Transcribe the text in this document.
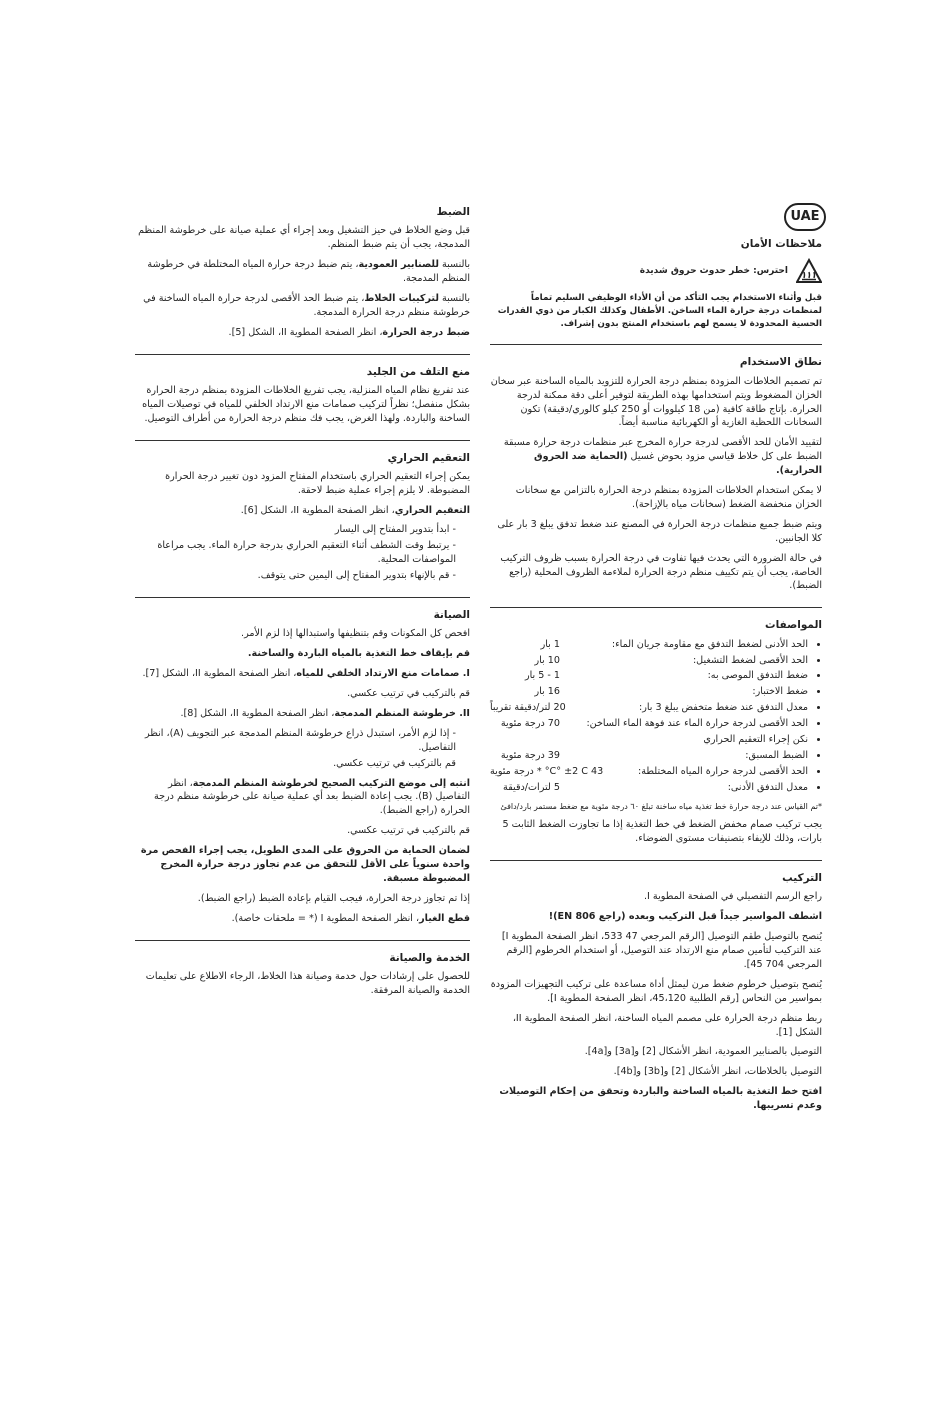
UAE
ملاحظات الأمان
احترس: خطر حدوث حروق شديدة

قبل وأثناء الاستخدام يجب التأكد من أن الأداء الوظيفي السليم تماماً لمنظمات درجة حرارة الماء الساخن. الأطفال وكذلك الكبار من ذوي القدرات الحسية المحدودة لا يسمح لهم باستخدام المنتج بدون إشراف.

نطاق الاستخدام

تم تصميم الخلاطات المزودة بمنظم درجة الحرارة للتزويد بالمياه الساخنة عبر سخان الخزان المضغوط ويتم استخدامها بهذه الطريقة لتوفير أعلى دقة ممكنة لدرجة الحرارة. بإتاج طاقة كافية (من 18 كيلووات أو 250 كيلو كالوري/دقيقة) تكون السخانات اللحظية الغازية أو الكهربائية مناسبة أيضاً.

لتقييد الأمان للحد الأقصى لدرجة حرارة المخرج عبر منظمات درجة حرارة مسبقة الضبط على كل خلاط قياسي مزود بحوض غسيل (الحماية ضد الحروق الحرارية).

لا يمكن استخدام الخلاطات المزودة بمنظم درجة الحرارة بالتزامن مع سخانات الخزان منخفضة الضغط (سخانات مياه بالإزاحة).

ويتم ضبط جميع منظمات درجة الحرارة في المصنع عند ضغط تدفق يبلغ 3 بار على كلا الجانبين.

في حالة الضرورة التي يحدث فيها تفاوت في درجة الحرارة بسبب ظروف التركيب الخاصة، يجب أن يتم تكييف منظم درجة الحرارة لملاءمة الظروف المحلية (راجع الضبط).

المواصفات
• الحد الأدنى لضغط التدفق مع مقاومة جريان الماء:
1 بار
• الحد الأقصى لضغط التشغيل:
10 بار
• ضغط التدفق الموصى به:
1 - 5 بار
• ضغط الاختبار:
16 بار
• معدل التدفق عند ضغط متخفض يبلغ 3 بار:
20 لتر/دقيقة تقريباً
• الحد الأقصى لدرجة حرارة الماء عند فوهة الماء الساخن:
70 درجة مئوية
• نكن إجراء التعقيم الحراري
• الضبط المسبق:
39 درجة مئوية
• الحد الأقصى لدرجة حرارة المياه المختلطة:
43 C° ±2 C° * درجة مئوية
• معدل التدفق الأدنى:
5 لترات/دقيقة

*تم القياس عند درجة حرارة خط تغذية مياه ساخنة تبلغ ٦٠ درجة مئوية مع ضغط مستمر بارد/دافئ

يجب تركيب صمام مخفض الضغط في خط التغذية إذا ما تجاوزت الضغط الثابت 5 بارات، وذلك للإيفاء بتصنيفات مستوى الضوضاء.

التركيب

راجع الرسم التفصيلي في الصفحة المطوية I.

اشطف المواسير جيداً قبل التركيب وبعده (راجع EN 806)!

يُنصح بالتوصيل طقم التوصيل [الرقم المرجعي 47 533، انظر الصفحة المطوية I] عند التركيب لتأمين صمام منع الارتداد عند التوصيل، أو استخدام الخرطوم [الرقم المرجعي 704 45].

يُنصح بتوصيل خرطوم ضغط مرن ليمثل أداة مساعدة على تركيب التجهيزات المزودة بمواسير من النحاس [رقم الطلبية 45،120، انظر الصفحة المطوية I].

ربط منظم درجة الحرارة على مصمم المياه الساخنة، انظر الصفحة المطوية II، الشكل [1].

التوصيل بالصنابير العمودية، انظر الأشكال [2] و[3a] و[4a].

التوصيل بالخلاطات، انظر الأشكال [2] و[3b] و[4b].

افتح خط التغذية بالمياه الساخنة والباردة وتحقق من إحكام التوصيلات وعدم تسريبها.

الضبط

قبل وضع الخلاط في حيز التشغيل وبعد إجراء أي عملية صيانة على خرطوشة المنظم المدمجة، يجب أن يتم ضبط المنظم.

بالنسبة للصنابير العمودية، يتم ضبط درجة حرارة المياه المختلطة في خرطوشة المنظم المدمجة.

بالنسبة لتركيبات الخلاط، يتم ضبط الحد الأقصى لدرجة حرارة المياه الساخنة في خرطوشة منظم درجة الحرارة المدمجة.

ضبط درجة الحرارة، انظر الصفحة المطوية II، الشكل [5].

منع التلف من الجليد

عند تفريغ نظام المياه المنزلية، يجب تفريغ الخلاطات المزودة بمنظم درجة الحرارة بشكل منفصل؛ نظراً لتركيب صمامات منع الارتداد الخلفي للمياه في توصيلات المياه الساخنة والباردة. ولهذا الغرض، يجب فك منظم درجة الحرارة من أطراف التوصيل.

التعقيم الحراري

يمكن إجراء التعقيم الحراري باستخدام المفتاح المزود دون تغيير درجة الحرارة المضبوطة. لا يلزم إجراء عملية ضبط لاحقة.

التعقيم الحراري، انظر الصفحة المطوية II، الشكل [6].

- ابدأ بتدوير المفتاح إلى اليسار
- يرتبط وقت الشطف أثناء التعقيم الحراري بدرجة حرارة الماء. يجب مراعاة المواصفات المحلية.
- قم بالإنهاء بتدوير المفتاح إلى اليمين حتى يتوقف.
الصيانة

افحص كل المكونات وقم بتنظيفها واستبدالها إذا لزم الأمر.

قم بإيقاف خط التغذية بالمياه الباردة والساخنة.

I. صمامات منع الارتداد الخلفي للمياه، انظر الصفحة المطوية II، الشكل [7].

قم بالتركيب في ترتيب عكسي.

II. خرطوشة المنظم المدمجة، انظر الصفحة المطوية II، الشكل [8].

- إذا لزم الأمر، استبدل ذراع خرطوشة المنظم المدمجة عبر التجويف (A)، انظر التفاصيل.
قم بالتركيب في ترتيب عكسي.

انتبه إلى موضع التركيب الصحيح لخرطوشة المنظم المدمجة، انظر التفاصيل (B). يجب إعادة الضبط بعد أي عملية صيانة على خرطوشة منظم درجة الحرارة (راجع الضبط).

قم بالتركيب في ترتيب عكسي.

لضمان الحماية من الحروق على المدى الطويل، يجب إجراء الفحص مرة واحدة سنوياً على الأقل للتحقق من عدم تجاوز درجة حرارة المخرج المضبوطة مسبقة.

إذا تم تجاوز درجة الحرارة، فيجب القيام بإعادة الضبط (راجع الضبط).

قطع الغيار، انظر الصفحة المطوية I (* = ملحقات خاصة).

الخدمة والصيانة

للحصول على إرشادات حول خدمة وصيانة هذا الخلاط، الرجاء الاطلاع على تعليمات الخدمة والصيانة المرفقة.
